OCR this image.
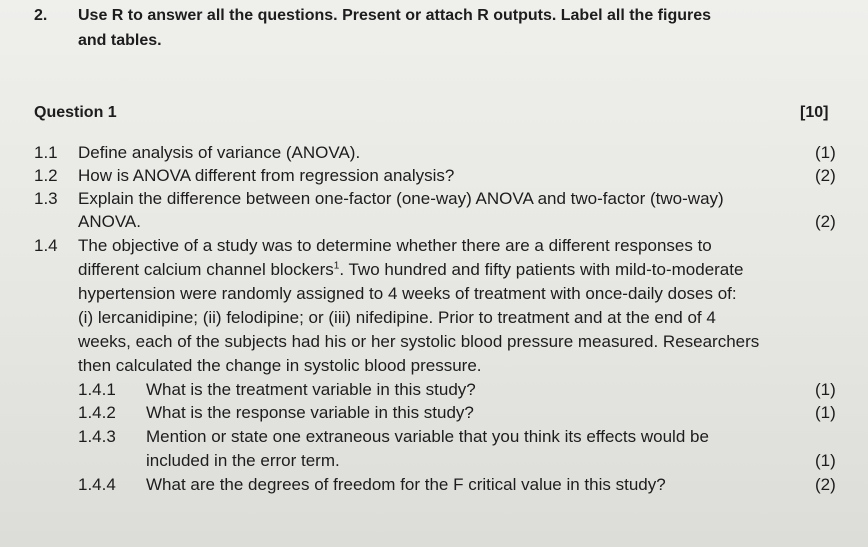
2. Use R to answer all the questions. Present or attach R outputs. Label all the figures
and tables.
Question 1	[10]
1.1 Define analysis of variance (ANOVA).	(1)
1.2 How is ANOVA different from regression analysis?	(2)
1.3 Explain the difference between one-factor (one-way) ANOVA and two-factor (two-way)
ANOVA.	(2)
1.4 The objective of a study was to determine whether there are a different responses to
different calcium channel blockers$^1$. Two hundred and fifty patients with mild-to-moderate
hypertension were randomly assigned to 4 weeks of treatment with once-daily doses of:
(i) lercanidipine; (ii) felodipine; or (iii) nifedipine. Prior to treatment and at the end of 4
weeks, each of the subjects had his or her systolic blood pressure measured. Researchers
then calculated the change in systolic blood pressure.
1.4.1 What is the treatment variable in this study?	(1)
1.4.2 What is the response variable in this study?	(1)
1.4.3 Mention or state one extraneous variable that you think its effects would be
included in the error term.	(1)
1.4.4 What are the degrees of freedom for the F critical value in this study?	(2)
